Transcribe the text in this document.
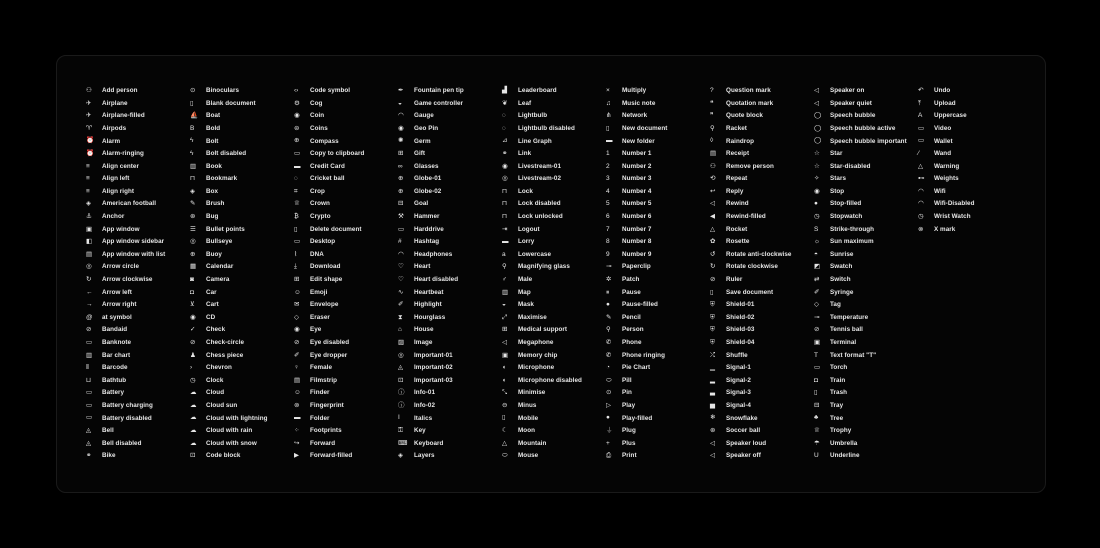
⚇	Add person
✈	Airplane
✈	Airplane-filled
♈	Airpods
⏰	Alarm
⏰	Alarm-ringing
≡	Align center
≡	Align left
≡	Align right
◈	American football
⚓	Anchor
▣	App window
◧	App window sidebar
▤	App window with list
◎	Arrow circle
↻	Arrow clockwise
←	Arrow left
→	Arrow right
@	at symbol
⊘	Bandaid
▭	Banknote
▥	Bar chart
⦀	Barcode
⊔	Bathtub
▭	Battery
▭	Battery charging
▭	Battery disabled
◬	Bell
◬	Bell disabled
⚭	Bike
⊙	Binoculars
▯	Blank document
⛵	Boat
B	Bold
ϟ	Bolt
ϟ	Bolt disabled
▥	Book
⊓	Bookmark
◈	Box
✎	Brush
⊛	Bug
☰	Bullet points
◎	Bullseye
⊕	Buoy
▦	Calendar
◙	Camera
◘	Car
⊻	Cart
◉	CD
✓	Check
⊘	Check-circle
♟	Chess piece
›	Chevron
◷	Clock
☁	Cloud
☁	Cloud sun
☁	Cloud with lightning
☁	Cloud with rain
☁	Cloud with snow
⊡	Code block
‹›	Code symbol
⚙	Cog
◉	Coin
⊜	Coins
⊕	Compass
▭	Copy to clipboard
▬	Credit Card
◌	Cricket ball
⌗	Crop
♕	Crown
₿	Crypto
▯	Delete document
▭	Desktop
⌇	DNA
⤓	Download
⊞	Edit shape
☺	Emoji
✉	Envelope
◇	Eraser
◉	Eye
⊘	Eye disabled
✐	Eye dropper
♀	Female
▤	Filmstrip
☺	Finder
⊚	Fingerprint
▬	Folder
⁘	Footprints
↪	Forward
▶	Forward-filled
✒	Fountain pen tip
◒	Game controller
◠	Gauge
◉	Geo Pin
✺	Germ
⊞	Gift
∞	Glasses
⊕	Globe-01
⊕	Globe-02
⊟	Goal
⚒	Hammer
▭	Harddrive
#	Hashtag
◠	Headphones
♡	Heart
♡	Heart disabled
∿	Heartbeat
✐	Highlight
⧗	Hourglass
⌂	House
▨	Image
◎	Important-01
◬	Important-02
⊡	Important-03
ⓘ	Info-01
ⓘ	Info-02
I	Italics
⚿	Key
⌨	Keyboard
◈	Layers
▟	Leaderboard
❦	Leaf
◌	Lightbulb
◌	Lightbulb disabled
⊿	Line Graph
⚭	Link
◉	Livestream-01
◎	Livestream-02
⊓	Lock
⊓	Lock disabled
⊓	Lock unlocked
⇥	Logout
▬	Lorry
a	Lowercase
⚲	Magnifying glass
♂	Male
▥	Map
◒	Mask
⤢	Maximise
⊞	Medical support
◁	Megaphone
▣	Memory chip
◖	Microphone
◖	Microphone disabled
⤡	Minimise
⊖	Minus
▯	Mobile
☾	Moon
△	Mountain
⬭	Mouse
×	Multiply
♫	Music note
⋔	Network
▯	New document
▬	New folder
1	Number 1
2	Number 2
3	Number 3
4	Number 4
5	Number 5
6	Number 6
7	Number 7
8	Number 8
9	Number 9
⊸	Paperclip
✲	Patch
⏸	Pause
●	Pause-filled
✎	Pencil
⚲	Person
✆	Phone
✆	Phone ringing
◔	Pie Chart
⬭	Pill
⊙	Pin
▷	Play
●	Play-filled
⏚	Plug
+	Plus
⎙	Print
?	Question mark
❝	Quotation mark
❞	Quote block
⚲	Racket
◊	Raindrop
▤	Receipt
⚇	Remove person
⟲	Repeat
↩	Reply
◁	Rewind
◀	Rewind-filled
△	Rocket
✿	Rosette
↺	Rotate anti-clockwise
↻	Rotate clockwise
⊘	Ruler
▯	Save document
⛨	Shield-01
⛨	Shield-02
⛨	Shield-03
⛨	Shield-04
⤮	Shuffle
▁	Signal-1
▂	Signal-2
▃	Signal-3
▅	Signal-4
❄	Snowflake
⊛	Soccer ball
◁	Speaker loud
◁	Speaker off
◁	Speaker on
◁	Speaker quiet
◯	Speech bubble
◯	Speech bubble active
◯	Speech bubble important
☆	Star
☆	Star-disabled
✧	Stars
◉	Stop
●	Stop-filled
◷	Stopwatch
S	Strike-through
☼	Sun maximum
◓	Sunrise
◩	Swatch
⇄	Switch
✐	Syringe
◇	Tag
⊸	Temperature
⊘	Tennis ball
▣	Terminal
T	Text format "T"
▭	Torch
◘	Train
▯	Trash
⊟	Tray
♣	Tree
♕	Trophy
☂	Umbrella
U	Underline
↶	Undo
⤒	Upload
A	Uppercase
▭	Video
▭	Wallet
⁄	Wand
△	Warning
⊷	Weights
◠	Wifi
◠	Wifi-Disabled
◷	Wrist Watch
⊗	X mark
